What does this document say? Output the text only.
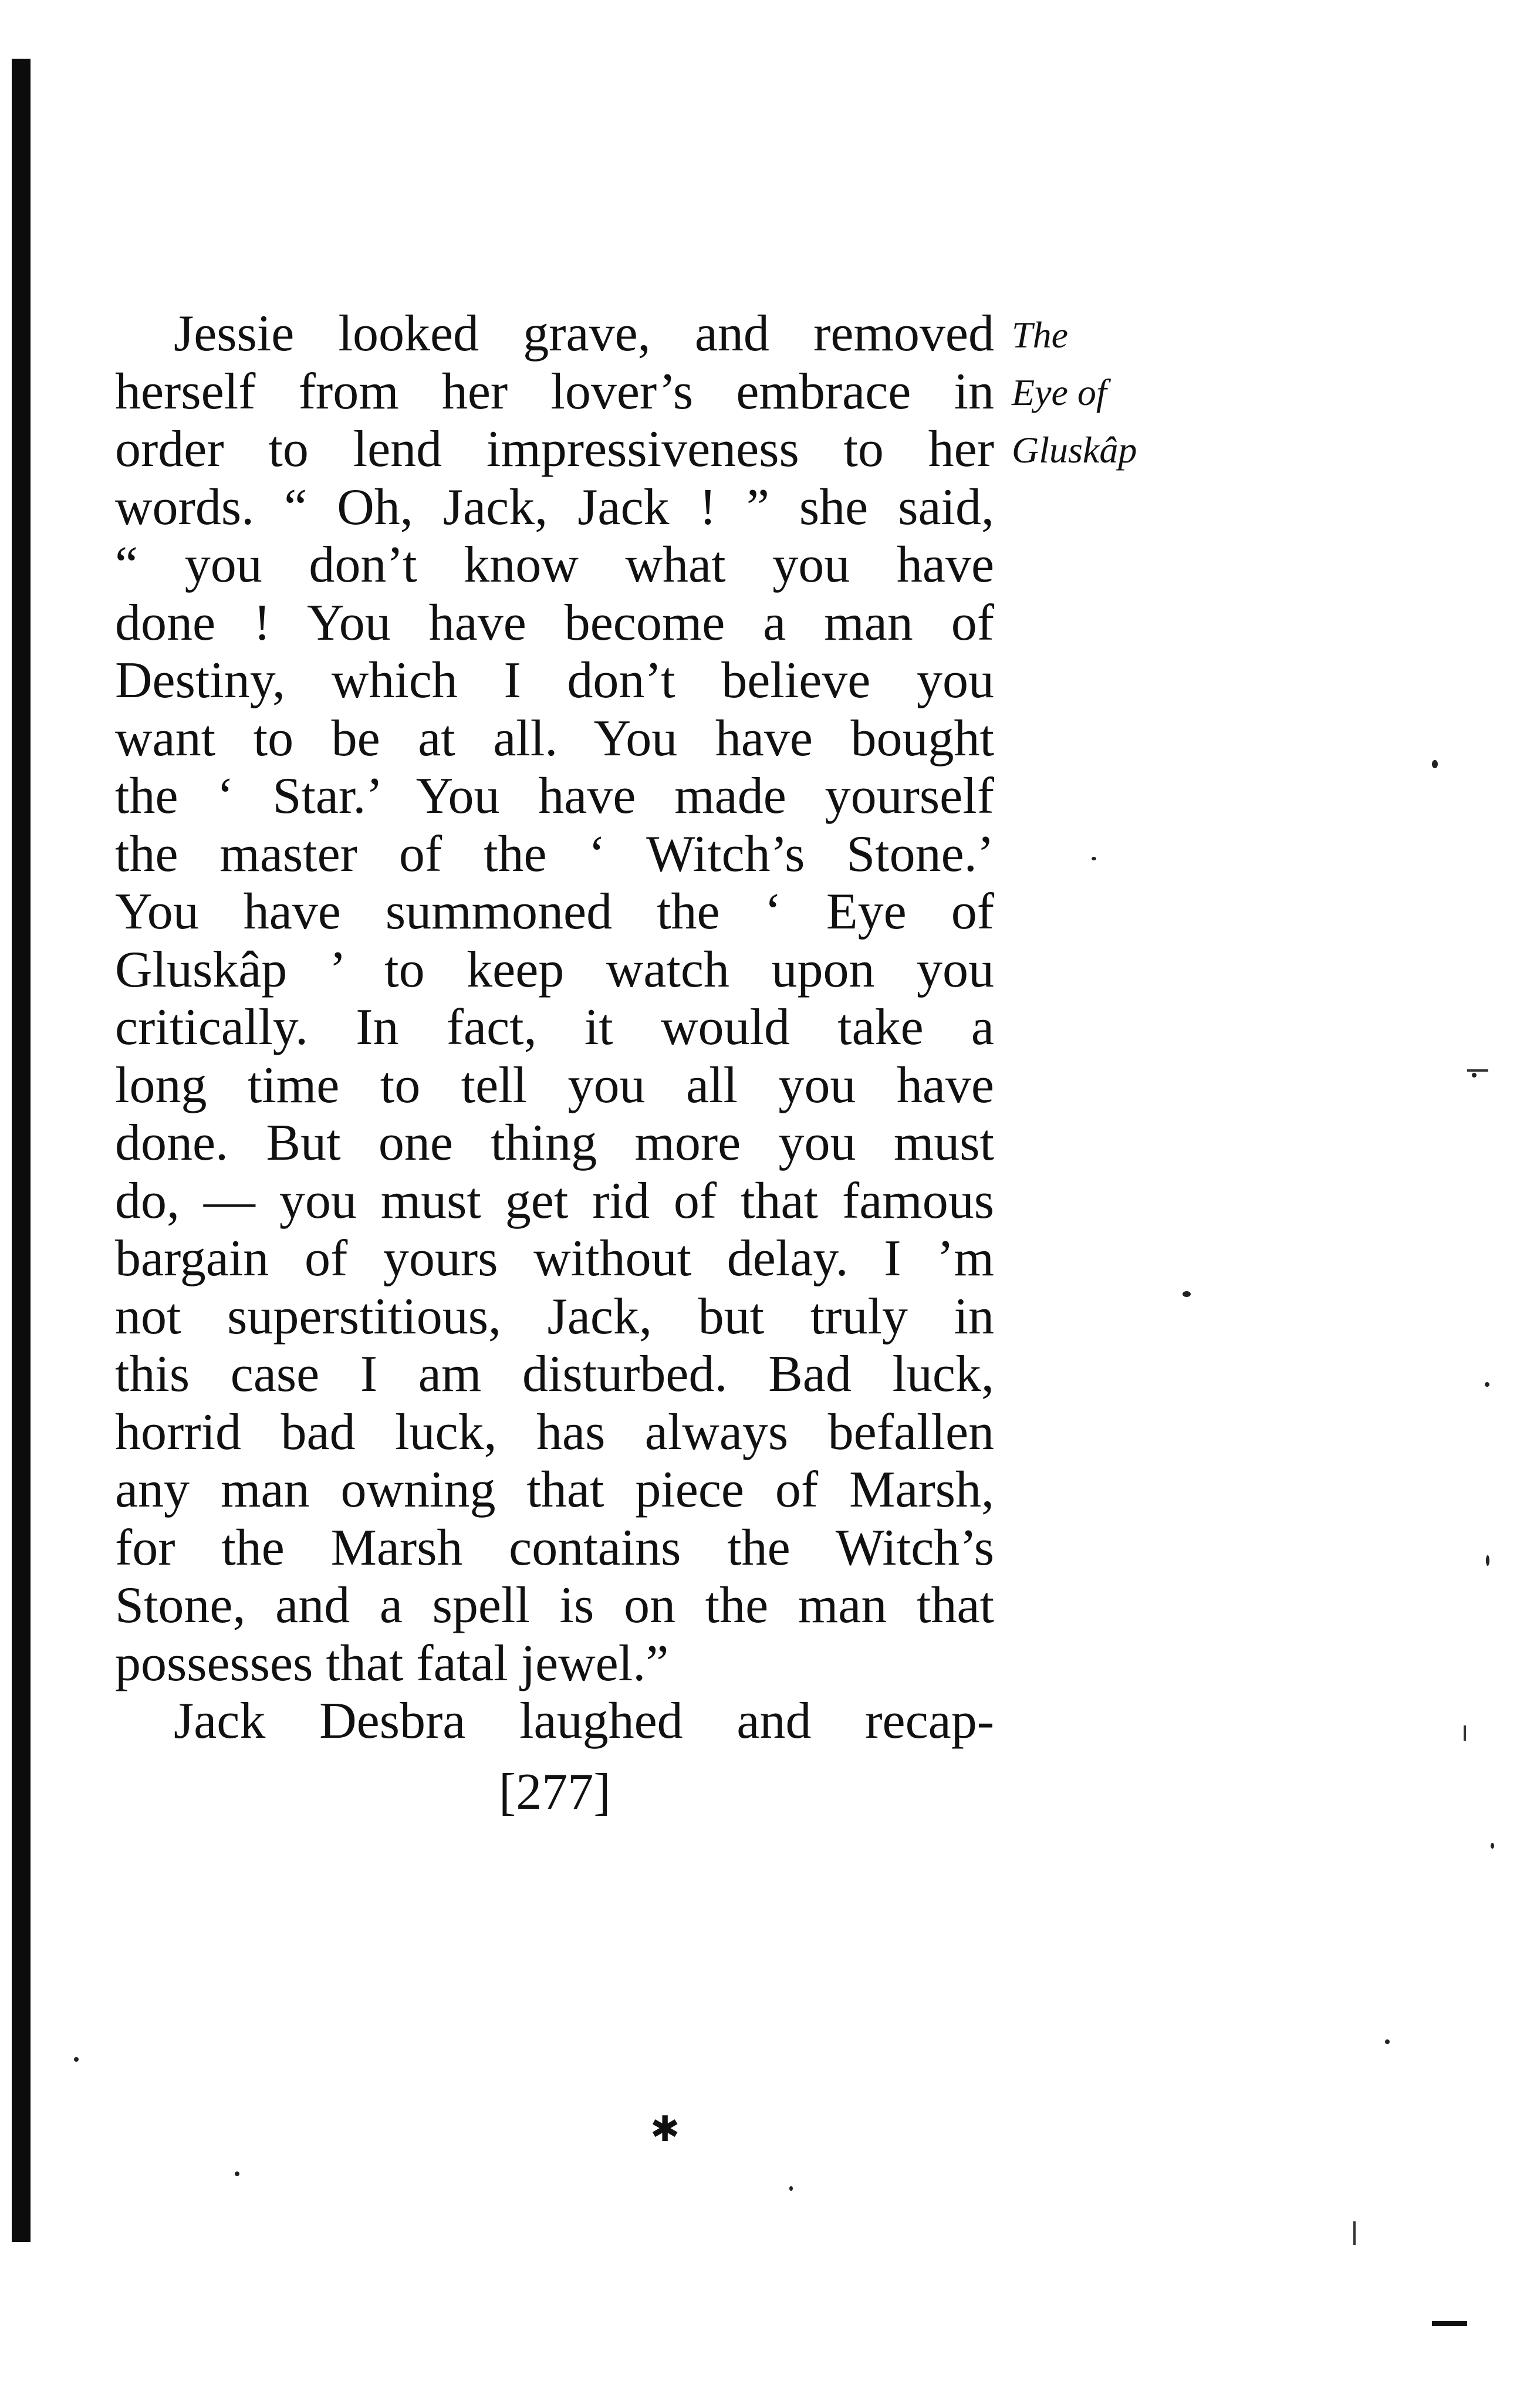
Jessie looked grave, and removed
herself from her lover’s embrace in
order to lend impressiveness to her
words. “ Oh, Jack, Jack ! ” she said,
“ you don’t know what you have
done ! You have become a man of
Destiny, which I don’t believe you
want to be at all. You have bought
the ‘ Star.’ You have made yourself
the master of the ‘ Witch’s Stone.’
You have summoned the ‘ Eye of
Gluskâp ’ to keep watch upon you
critically. In fact, it would take a
long time to tell you all you have
done. But one thing more you must
do, — you must get rid of that famous
bargain of yours without delay. I ’m
not superstitious, Jack, but truly in
this case I am disturbed. Bad luck,
horrid bad luck, has always befallen
any man owning that piece of Marsh,
for the Marsh contains the Witch’s
Stone, and a spell is on the man that
possesses that fatal jewel.”
Jack Desbra laughed and recap-
The
Eye of
Gluskâp
[277]
✱
